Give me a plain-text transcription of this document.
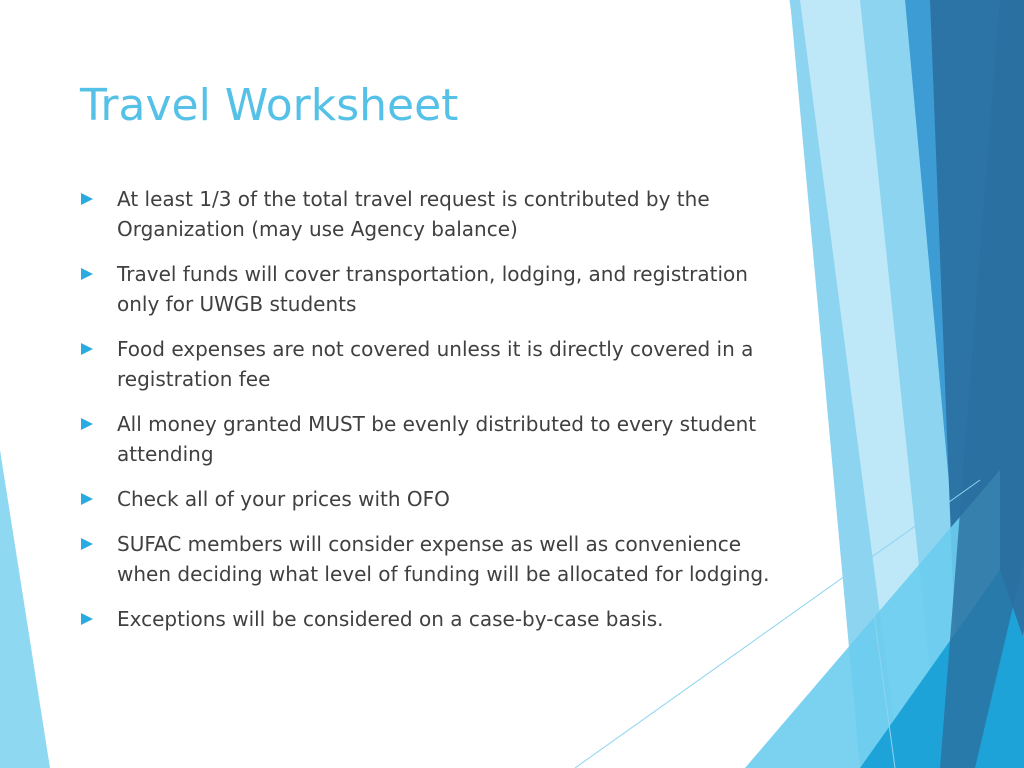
Travel Worksheet
At least 1/3 of the total travel request is contributed by the Organization (may use Agency balance)
Travel funds will cover transportation, lodging, and registration only for UWGB students
Food expenses are not covered unless it is directly covered in a registration fee
All money granted MUST be evenly distributed to every student attending
Check all of your prices with OFO
SUFAC members will consider expense as well as convenience when deciding what level of funding will be allocated for lodging.
Exceptions will be considered on a case-by-case basis.
